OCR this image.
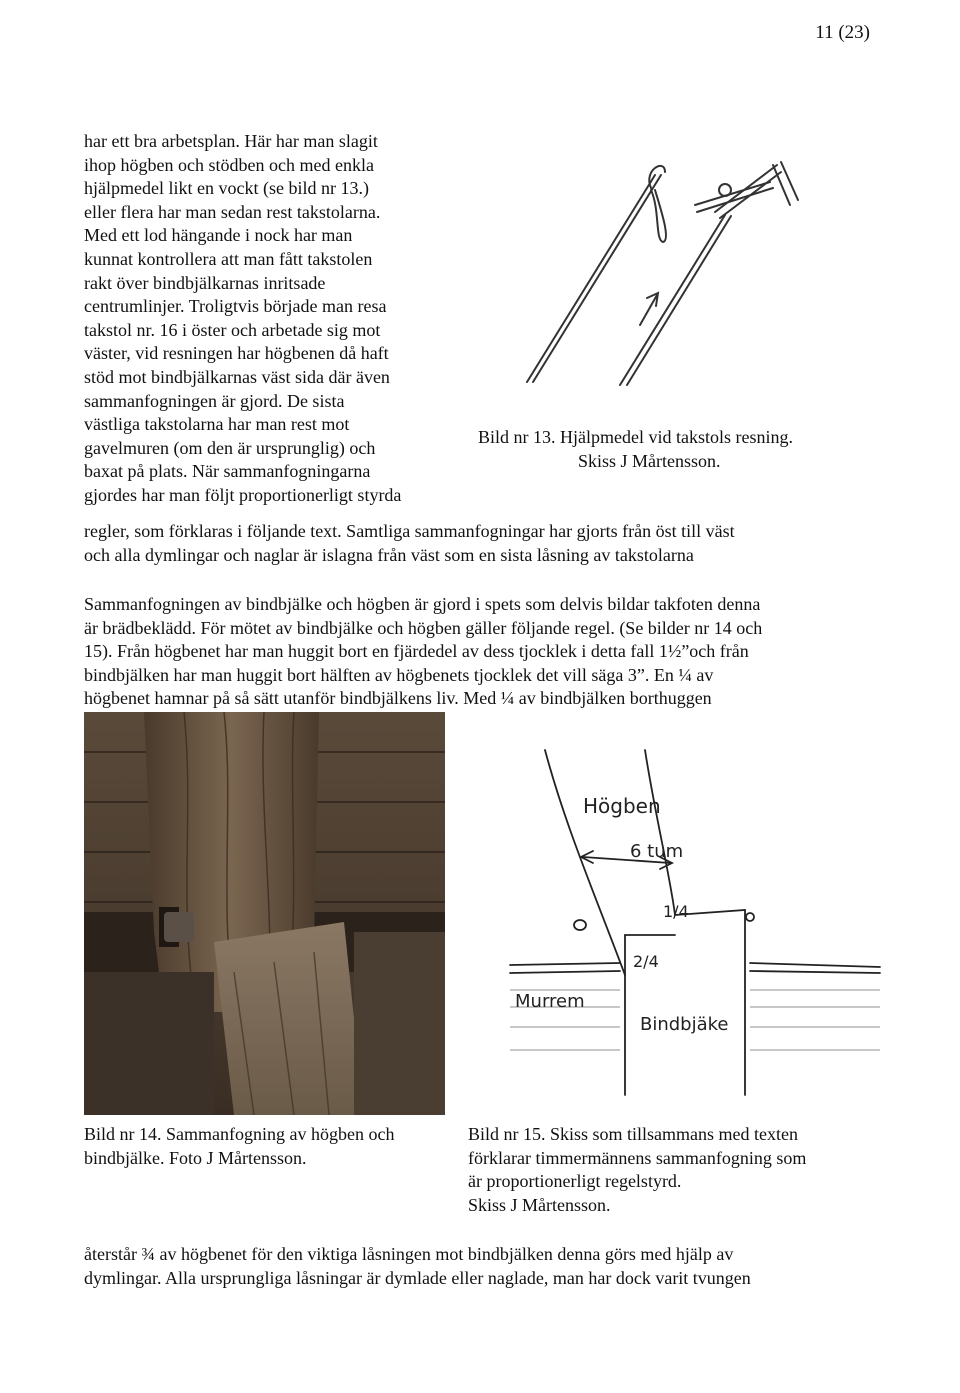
11 (23)
har ett bra arbetsplan. Här har man slagit
ihop högben och stödben och med enkla
hjälpmedel likt en vockt (se bild nr 13.)
eller flera har man sedan rest takstolarna.
Med ett lod hängande i nock har man
kunnat kontrollera att man fått takstolen
rakt över bindbjälkarnas inritsade
centrumlinjer. Troligtvis började man resa
takstol nr. 16 i öster och arbetade sig mot
väster, vid resningen har högbenen då haft
stöd mot bindbjälkarnas väst sida där även
sammanfogningen är gjord. De sista
västliga takstolarna har man rest mot
gavelmuren (om den är ursprunglig) och
baxat på plats. När sammanfogningarna
gjordes har man följt proportionerligt styrda
regler, som förklaras i följande text. Samtliga sammanfogningar har gjorts från öst till väst
och alla dymlingar och naglar är islagna från väst som en sista låsning av takstolarna
Bild nr 13. Hjälpmedel vid takstols resning.
Skiss J Mårtensson.
Sammanfogningen av bindbjälke och högben är gjord i spets som delvis bildar takfoten denna
är brädbeklädd. För mötet av bindbjälke och högben gäller följande regel. (Se bilder nr 14 och
15). Från högbenet har man huggit bort en fjärdedel av dess tjocklek i detta fall 1½”och från
bindbjälken har man huggit bort hälften av högbenets tjocklek det vill säga 3”. En ¼ av
högbenet hamnar på så sätt utanför bindbjälkens liv. Med ¼ av bindbjälken borthuggen
Bild nr 14. Sammanfogning av högben och
bindbjälke. Foto J Mårtensson.
Högben
6 tum
1/4
2/4
Murrem
Bindbjäke
Bild nr 15. Skiss som tillsammans med texten
förklarar timmermännens sammanfogning som
är proportionerligt regelstyrd.
Skiss J Mårtensson.
återstår ¾ av högbenet för den viktiga låsningen mot bindbjälken denna görs med hjälp av
dymlingar. Alla ursprungliga låsningar är dymlade eller naglade, man har dock varit tvungen
